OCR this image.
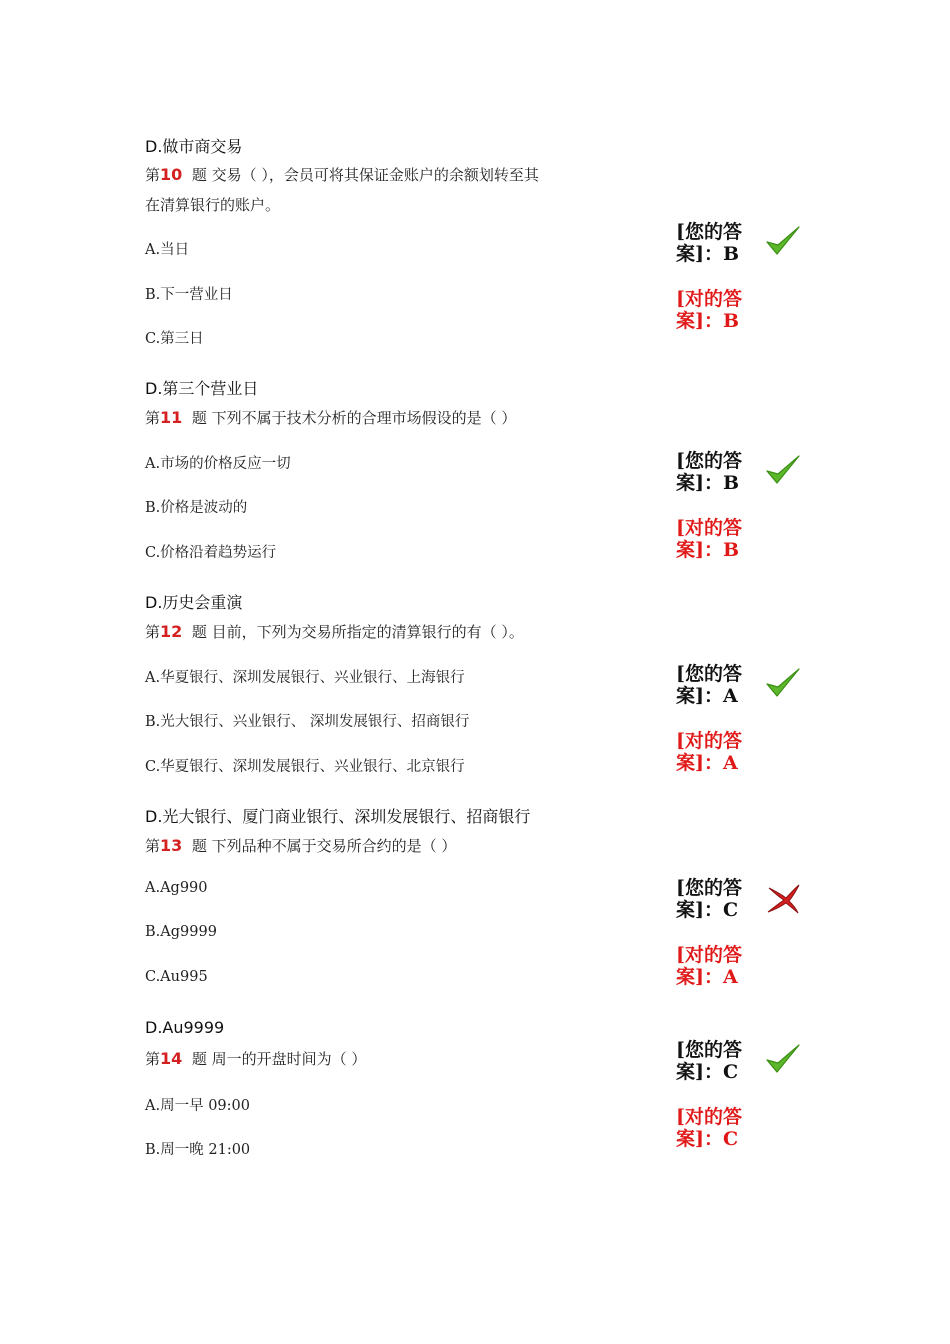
D.做市商交易
第10 题 交易（ ），会员可将其保证金账户的余额划转至其
在清算银行的账户。
A.当日
B.下一营业日
C.第三日
[您的答案]：B
[对的答案]：B
D.第三个营业日
第11 题 下列不属于技术分析的合理市场假设的是（ ）
A.市场的价格反应一切
B.价格是波动的
C.价格沿着趋势运行
[您的答案]：B
[对的答案]：B
D.历史会重演
第12 题 目前，下列为交易所指定的清算银行的有（ ）。
A.华夏银行、深圳发展银行、兴业银行、上海银行
B.光大银行、兴业银行、 深圳发展银行、招商银行
C.华夏银行、深圳发展银行、兴业银行、北京银行
[您的答案]：A
[对的答案]：A
D.光大银行、厦门商业银行、深圳发展银行、招商银行
第13 题 下列品种不属于交易所合约的是（ ）
A.Ag990
B.Ag9999
C.Au995
[您的答案]：C
[对的答案]：A
D.Au9999
第14 题 周一的开盘时间为（ ）
A.周一早 09:00
B.周一晚 21:00
[您的答案]：C
[对的答案]：C
